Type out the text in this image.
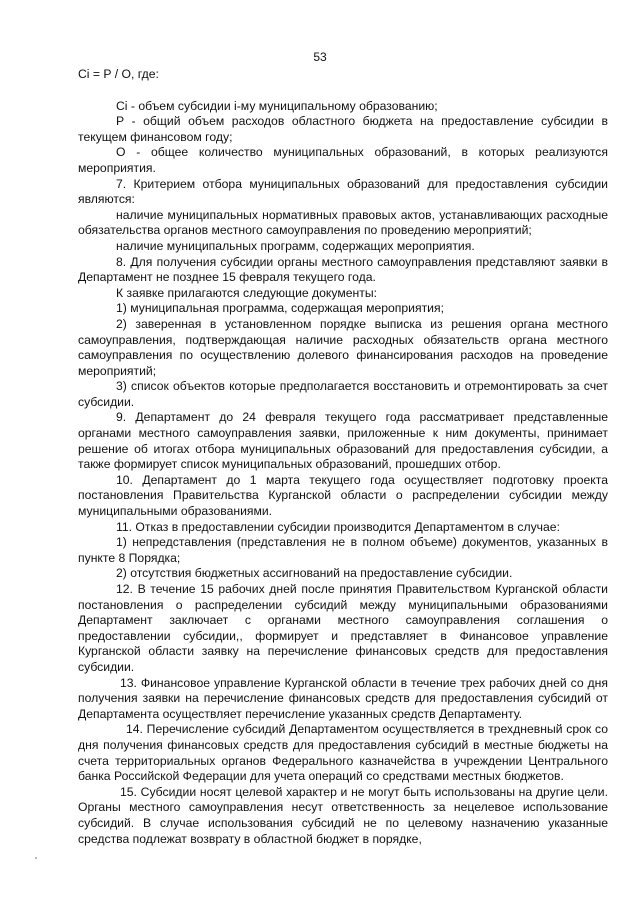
53

Ci = P / O, где:

Ci - объем субсидии i-му муниципальному образованию;

P - общий объем расходов областного бюджета на предоставление субсидии в текущем финансовом году;

O - общее количество муниципальных образований, в которых реализуются мероприятия.

7. Критерием отбора муниципальных образований для предоставления субсидии являются:

наличие муниципальных нормативных правовых актов, устанавливающих расходные обязательства органов местного самоуправления по проведению мероприятий;

наличие муниципальных программ, содержащих мероприятия.

8. Для получения субсидии органы местного самоуправления представляют заявки в Департамент не позднее 15 февраля текущего года.

К заявке прилагаются следующие документы:

1) муниципальная программа, содержащая мероприятия;

2) заверенная в установленном порядке выписка из решения органа местного самоуправления, подтверждающая наличие расходных обязательств органа местного самоуправления по осуществлению долевого финансирования расходов на проведение мероприятий;

3) список объектов которые предполагается восстановить и отремонтировать за счет субсидии.

9. Департамент до 24 февраля текущего года рассматривает представленные органами местного самоуправления заявки, приложенные к ним документы, принимает решение об итогах отбора муниципальных образований для предоставления субсидии, а также формирует список муниципальных образований, прошедших отбор.

10. Департамент до 1 марта текущего года осуществляет подготовку проекта постановления Правительства Курганской области о распределении субсидии между муниципальными образованиями.

11. Отказ в предоставлении субсидии производится Департаментом в случае:

1) непредставления (представления не в полном объеме) документов, указанных в пункте 8 Порядка;

2) отсутствия бюджетных ассигнований на предоставление субсидии.

12. В течение 15 рабочих дней после принятия Правительством Курганской области постановления о распределении субсидий между муниципальными образованиями Департамент заключает с органами местного самоуправления соглашения о предоставлении субсидии,, формирует и представляет в Финансовое управление Курганской области заявку на перечисление финансовых средств для предоставления субсидии.

13. Финансовое управление Курганской области в течение трех рабочих дней со дня получения заявки на перечисление финансовых средств для предоставления субсидий от Департамента осуществляет перечисление указанных средств Департаменту.

14. Перечисление субсидий Департаментом осуществляется в трехдневный срок со дня получения финансовых средств для предоставления субсидий в местные бюджеты на счета территориальных органов Федерального казначейства в учреждении Центрального банка Российской Федерации для учета операций со средствами местных бюджетов.

15. Субсидии носят целевой характер и не могут быть использованы на другие цели. Органы местного самоуправления несут ответственность за нецелевое использование субсидий. В случае использования субсидий не по целевому назначению указанные средства подлежат возврату в областной бюджет в порядке,
